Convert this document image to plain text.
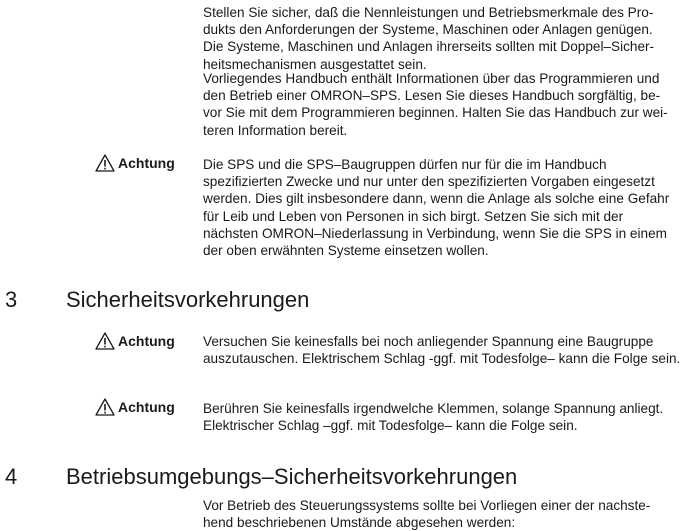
Stellen Sie sicher, daß die Nennleistungen und Betriebsmerkmale des Pro-
dukts den Anforderungen der Systeme, Maschinen oder Anlagen genügen.
Die Systeme, Maschinen und Anlagen ihrerseits sollten mit Doppel–Sicher-
heitsmechanismen ausgestattet sein.

Vorliegendes Handbuch enthält Informationen über das Programmieren und
den Betrieb einer OMRON–SPS. Lesen Sie dieses Handbuch sorgfältig, be-
vor Sie mit dem Programmieren beginnen. Halten Sie das Handbuch zur wei-
teren Information bereit.

Achtung Die SPS und die SPS–Baugruppen dürfen nur für die im Handbuch
spezifizierten Zwecke und nur unter den spezifizierten Vorgaben eingesetzt
werden. Dies gilt insbesondere dann, wenn die Anlage als solche eine Gefahr
für Leib und Leben von Personen in sich birgt. Setzen Sie sich mit der
nächsten OMRON–Niederlassung in Verbindung, wenn Sie die SPS in einem
der oben erwähnten Systeme einsetzen wollen.

3 Sicherheitsvorkehrungen
Achtung Versuchen Sie keinesfalls bei noch anliegender Spannung eine Baugruppe
auszutauschen. Elektrischem Schlag -ggf. mit Todesfolge– kann die Folge sein.

Achtung Berühren Sie keinesfalls irgendwelche Klemmen, solange Spannung anliegt.
Elektrischer Schlag –ggf. mit Todesfolge– kann die Folge sein.

4 Betriebsumgebungs–Sicherheitsvorkehrungen

Vor Betrieb des Steuerungssystems sollte bei Vorliegen einer der nachste-
hend beschriebenen Umstände abgesehen werden:
